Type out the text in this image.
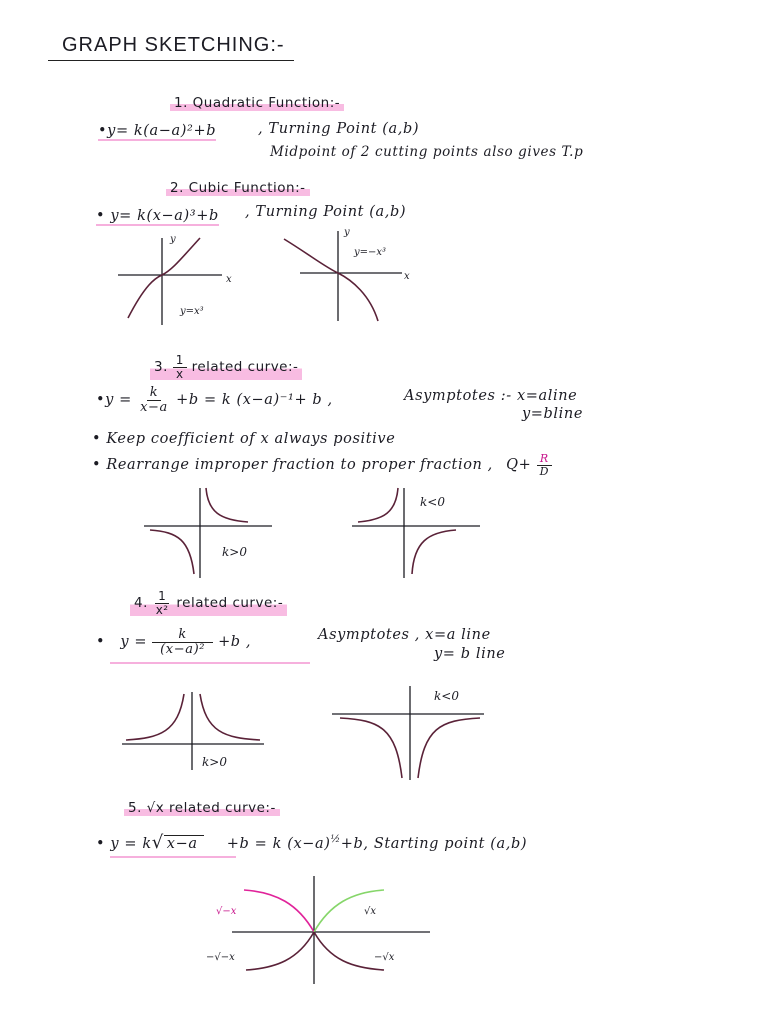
GRAPH SKETCHING:-
1. Quadratic Function:-
•y= k(a−a)²+b	, Turning Point (a,b)
Midpoint of 2 cutting points also gives T.p
2. Cubic Function:-
• y= k(x−a)³+b , Turning Point (a,b)
y
x
y=x³
y
x
y=−x³
3. $\frac{1}{x}$ related curve:-
•y = $\frac{k}{x-a} +b = k$ (x−a)⁻¹+ b ,	Asymptotes :- x=aline
y=bline
• Keep coefficient of x always positive
• Rearrange improper fraction to proper fraction , $Q+ \frac{R}{D}$
k>0
k<0
4. $\frac{1}{\text{x²}}$ related curve:-
• $y = \frac{k}{\text{(x−a)²}} +b$ ,	Asymptotes , x=a line
y= b line
k>0
k<0
5. √x related curve:-
• y = k√ x−a +b = k $(x-a)^{\frac{1}{2}}+b$, Starting point (a,b)
√−x	√x
−√−x	−√x
